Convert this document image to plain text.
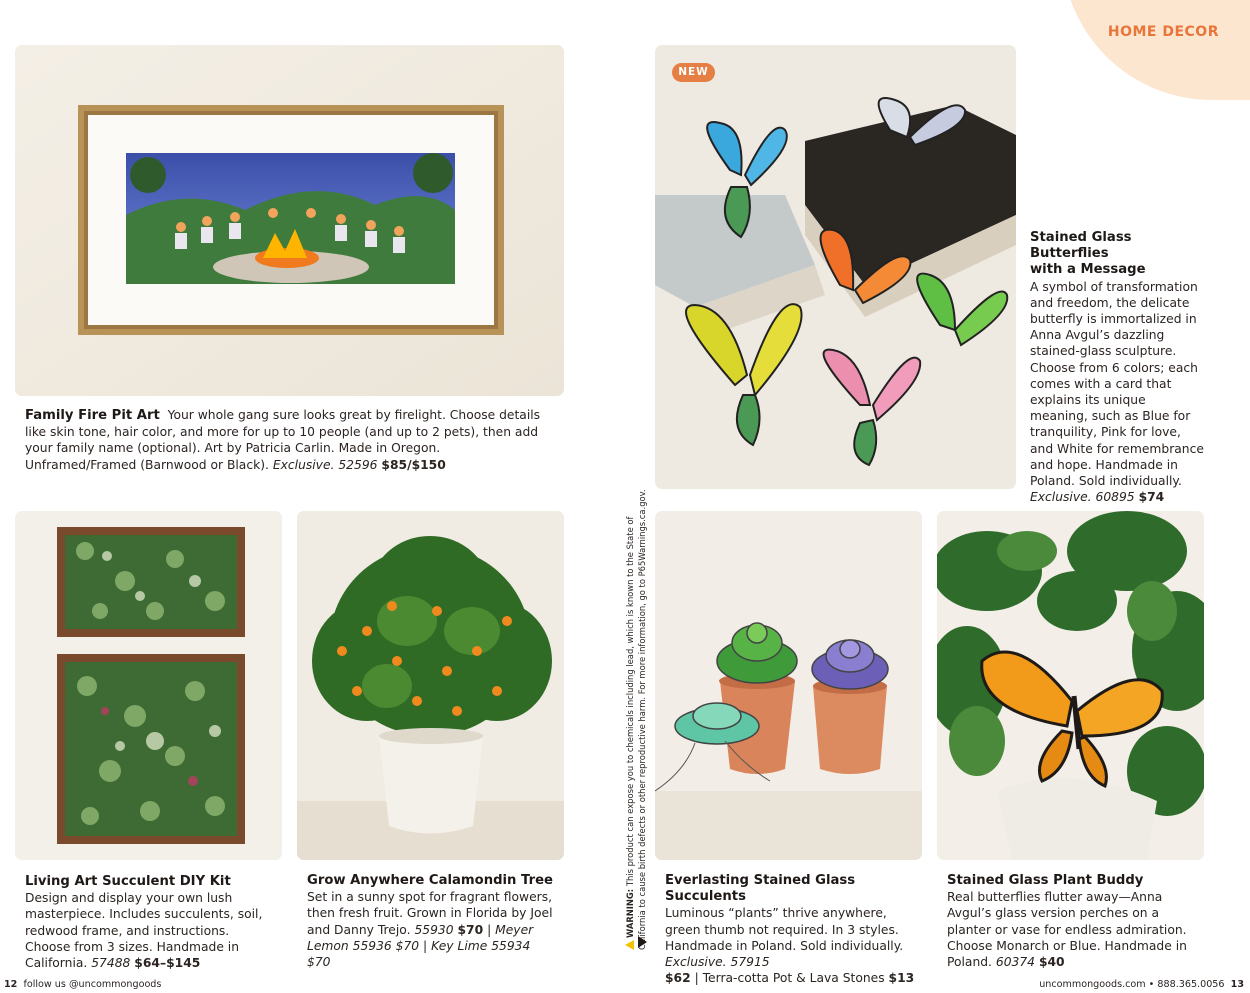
HOME DECOR
Family Fire Pit Art Your whole gang sure looks great by firelight. Choose details like skin tone, hair color, and more for up to 10 people (and up to 2 pets), then add your family name (optional). Art by Patricia Carlin. Made in Oregon. Unframed/Framed (Barnwood or Black). Exclusive. 52596 $85/$150
NEW
Stained Glass Butterflies
with a Message
A symbol of transformation and freedom, the delicate butterfly is immortalized in Anna Avgul’s dazzling stained-glass sculpture. Choose from 6 colors; each comes with a card that explains its unique meaning, such as Blue for tranquility, Pink for love, and White for remembrance and hope. Handmade in Poland. Sold individually. Exclusive. 60895 $74
Living Art Succulent DIY Kit  Design and display your own lush masterpiece. Includes succulents, soil, redwood frame, and instructions. Choose from 3 sizes. Handmade in California. 57488 $64–$145
Grow Anywhere Calamondin Tree
Set in a sunny spot for fragrant flowers, then fresh fruit. Grown in Florida by Joel and Danny Trejo. 55930 $70 | Meyer Lemon 55936 $70 | Key Lime 55934 $70
WARNING: This product can expose you to chemicals including lead, which is known to the State of California to cause birth defects or other reproductive harm. For more information, go to P65Warnings.ca.gov. Everlasting Stained Glass Succulents
Luminous “plants” thrive anywhere, green thumb not required. In 3 styles. Handmade in Poland. Sold individually. Exclusive. 57915
$62 | Terra-cotta Pot & Lava Stones $13
Stained Glass Plant Buddy
Real butterflies flutter away—Anna Avgul’s glass version perches on a planter or vase for endless admiration. Choose Monarch or Blue. Handmade in Poland. 60374 $40
12 follow us @uncommongoods	uncommongoods.com • 888.365.0056 13
